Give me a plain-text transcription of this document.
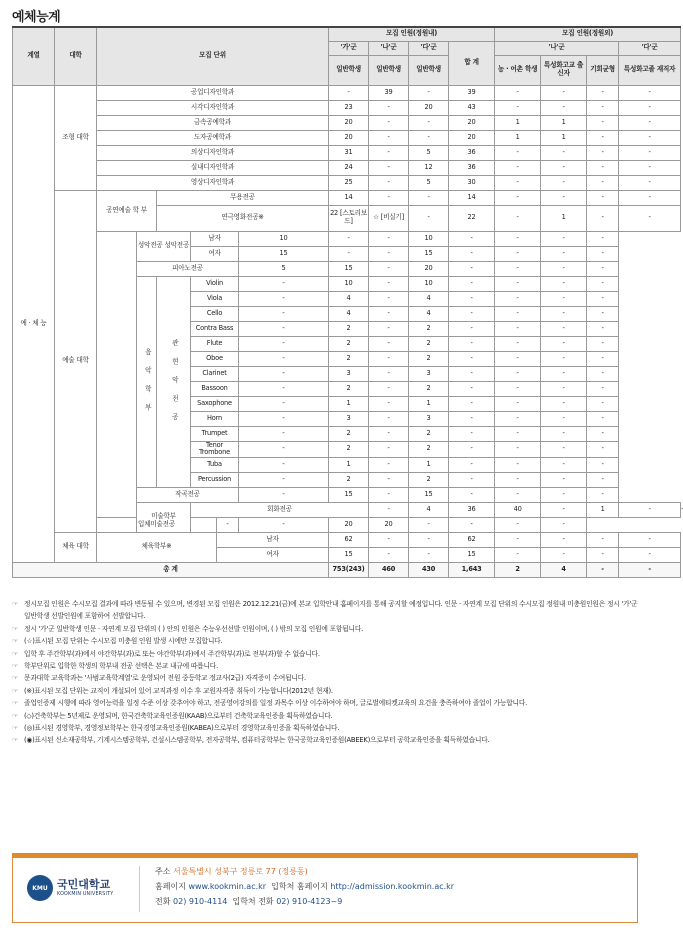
예체능계
계열	대학	모집 단위						모집 인원(정원내)				모집 인원(정원외)				
								'가'군	'나'군	'다'군	합 계	'나'군			'다'군	
								일반학생	일반학생	일반학생		농 · 어촌 학생	특성화고교 출신자	기회균형	특성화고졸 재직자	
예 · 체 능	조형 대학	공업디자인학과						-	39	-	39	-	-	-	-	
		시각디자인학과						23	-	20	43	-	-	-	-	
		금속공예학과						20	-	-	20	1	1	-	-	
		도자공예학과						20	-	-	20	1	1	-	-	
		의상디자인학과						31	-	5	36	-	-	-	-	
		실내디자인학과						24	-	12	36	-	-	-	-	
		영상디자인학과						25	-	5	30	-	-	-	-	
	예술 대학	공연예술 학 부		무용전공				14	-	-	14	-	-	-	-	
				연극영화전공※				22 [스토리보드]	☆ [비실기]	-	22	-	1	-	-	
			성악전공 성악전공		남자		10	-	-	10	-	-	-	-		
					여자		15	-	-	15	-	-	-	-		
			피아노전공				5	15	-	20	-	-	-	-		
			음 악 학 부	관 현 악 전 공	Violin		-	10	-	10	-	-	-	-		
					Viola		-	4	-	4	-	-	-	-		
					Cello		-	4	-	4	-	-	-	-		
					Contra Bass		-	2	-	2	-	-	-	-		
					Flute		-	2	-	2	-	-	-	-		
					Oboe		-	2	-	2	-	-	-	-		
					Clarinet		-	3	-	3	-	-	-	-		
					Bassoon		-	2	-	2	-	-	-	-		
					Saxophone		-	1	-	1	-	-	-	-		
					Horn		-	3	-	3	-	-	-	-		
					Trumpet		-	2	-	2	-	-	-	-		
					Tenor Trombone		-	2	-	2	-	-	-	-		
					Tuba		-	1	-	1	-	-	-	-		
					Percussion		-	2	-	2	-	-	-	-		
			작곡전공				-	15	-	15	-	-	-	-		
			미술학부		회화전공				-	4	36	40	-	1	-	
		입체미술전공				-	-	20	20	-	-	-	-			
	체육 대학	체육학부※				남자		62	-	-	62	-	-	-	-	
						여자		15	-	-	15	-	-	-	-	
총 계								753(243)	460	430	1,643	2	4	-	-	
☞ 정시모집 인원은 수시모집 결과에 따라 변동될 수 있으며, 변경된 모집 인원은 2012.12.21(금)에 본교 입학안내 홈페이지를 통해 공지할 예정입니다. 인문 · 자연계 모집 단위의 수시모집 정원내 미충원인원은 정시 '가'군 일반학생 선발인원에 포함하여 선발합니다.
☞ 정시 '가'군 일반학생 인문 · 자연계 모집 단위의 ( ) 안의 인원은 수능우선선발 인원이며, ( ) 밖의 모집 인원에 포함됩니다.
☞ (☆)표시된 모집 단위는 수시모집 미충원 인원 발생 시에만 모집합니다.
☞ 입학 후 주간학부(과)에서 야간학부(과)로 또는 야간학부(과)에서 주간학부(과)로 전부(과)할 수 없습니다.
☞ 학부단위로 입학한 학생의 학부내 전공 선택은 본교 내규에 따릅니다.
☞ 문과대학 교육학과는 '사범교육학계열'로 운영되어 전원 중등학교 정교사(2급) 자격증이 수여됩니다.
☞ (※)표시된 모집 단위는 교직이 개설되어 있어 교직과정 이수 후 교원자격증 취득이 가능합니다(2012년 현재).
☞ 졸업인증제 시행에 따라 영어능력을 일정 수준 이상 갖추어야 하고, 전공영어강의를 일정 과목수 이상 이수하여야 하며, 글로벌에티켓교육의 요건을 충족하여야 졸업이 가능합니다.
☞ (◇)건축학부는 5년제로 운영되며, 한국건축학교육인증원(KAAB)으로부터 건축학교육인증을 획득하였습니다.
☞ (◎)표시된 경영학부, 경영정보학부는 한국경영교육인증원(KABEA)으로부터 경영학교육인증을 획득하였습니다.
☞ (◉)표시된 신소재공학부, 기계시스템공학부, 건설시스템공학부, 전자공학부, 컴퓨터공학부는 한국공학교육인증원(ABEEK)으로부터 공학교육인증을 획득하였습니다.
KMU 국민대학교
KOOKMIN UNIVERSITY
주소 서울특별시 성북구 정릉로 77 (정릉동)
홈페이지 www.kookmin.ac.kr 입학처 홈페이지 http://admission.kookmin.ac.kr
전화 02) 910-4114 입학처 전화 02) 910-4123~9
